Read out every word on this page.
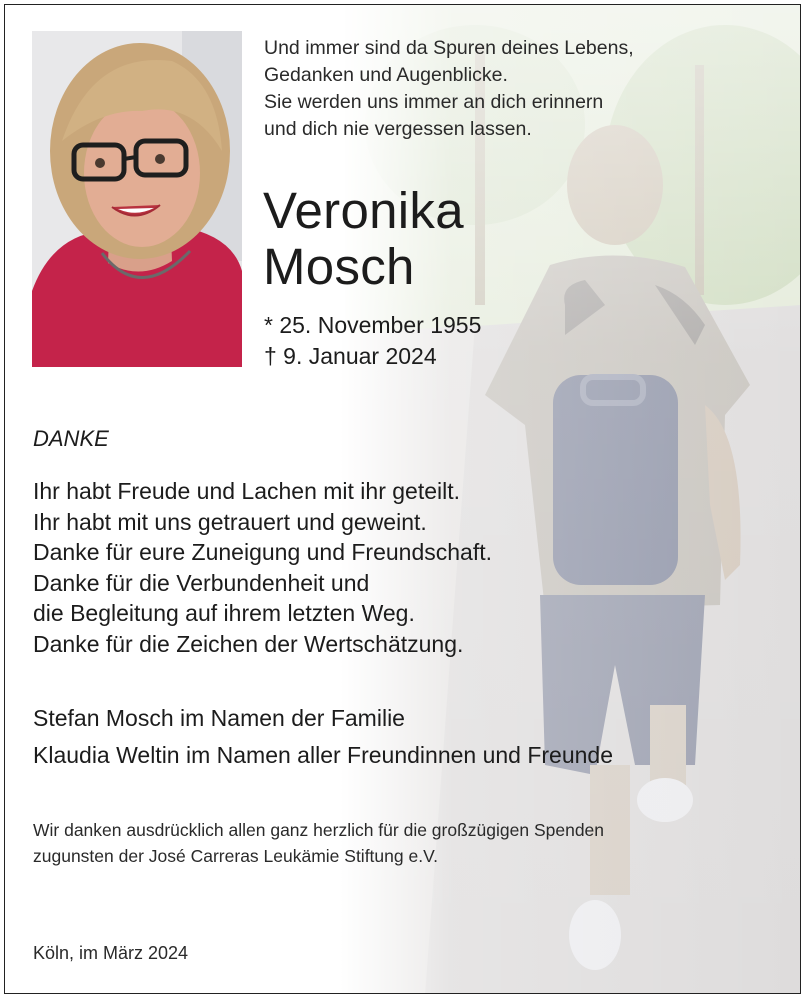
Und immer sind da Spuren deines Lebens,
Gedanken und Augenblicke.
Sie werden uns immer an dich erinnern
und dich nie vergessen lassen.
Veronika
Mosch
* 25. November 1955
† 9. Januar 2024
DANKE
Ihr habt Freude und Lachen mit ihr geteilt.
Ihr habt mit uns getrauert und geweint.
Danke für eure Zuneigung und Freundschaft.
Danke für die Verbundenheit und
die Begleitung auf ihrem letzten Weg.
Danke für die Zeichen der Wertschätzung.
Stefan Mosch im Namen der Familie
Klaudia Weltin im Namen aller Freundinnen und Freunde
Wir danken ausdrücklich allen ganz herzlich für die großzügigen Spenden
zugunsten der José Carreras Leukämie Stiftung e.V.
Köln, im März 2024
